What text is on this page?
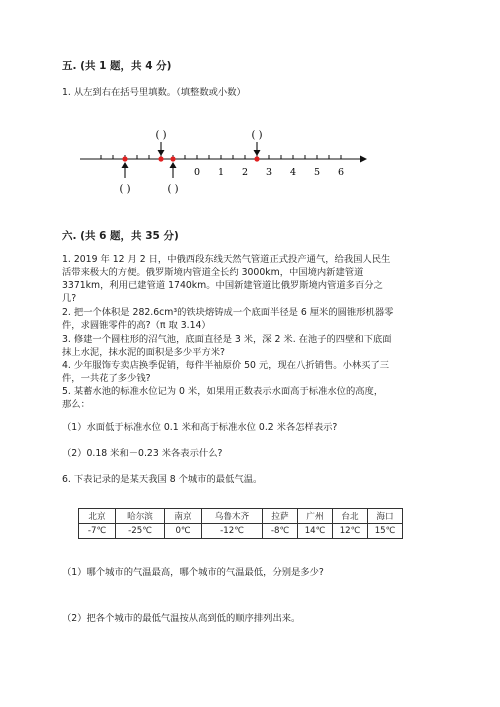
五. (共 1 题，共 4 分)
1. 从左到右在括号里填数。（填整数或小数）
( )	( )
( )	( )
0 1 2 3 4 5 6
六. (共 6 题，共 35 分)
1. 2019 年 12 月 2 日，中俄西段东线天然气管道正式投产通气，给我国人民生
活带来极大的方便。俄罗斯境内管道全长约 3000km，中国境内新建管道
3371km，利用已建管道 1740km。中国新建管道比俄罗斯境内管道多百分之
几?
2. 把一个体积是 282.6cm³的铁块熔铸成一个底面半径是 6 厘米的圆锥形机器零
件，求圆锥零件的高?（π 取 3.14）
3. 修建一个圆柱形的沼气池，底面直径是 3 米，深 2 米. 在池子的四壁和下底面
抹上水泥，抹水泥的面积是多少平方米?
4. 少年服饰专卖店换季促销，每件半袖原价 50 元，现在八折销售。小林买了三
件，一共花了多少钱?
5. 某蓄水池的标准水位记为 0 米，如果用正数表示水面高于标准水位的高度，
那么：
（1）水面低于标准水位 0.1 米和高于标准水位 0.2 米各怎样表示?
（2）0.18 米和－0.23 米各表示什么?
6. 下表记录的是某天我国 8 个城市的最低气温。
北京	哈尔滨	南京	乌鲁木齐	拉萨	广州	台北	海口
-7℃	-25℃	0℃	-12℃	-8℃	14℃	12℃	15℃
（1）哪个城市的气温最高，哪个城市的气温最低，分别是多少?
（2）把各个城市的最低气温按从高到低的顺序排列出来。
